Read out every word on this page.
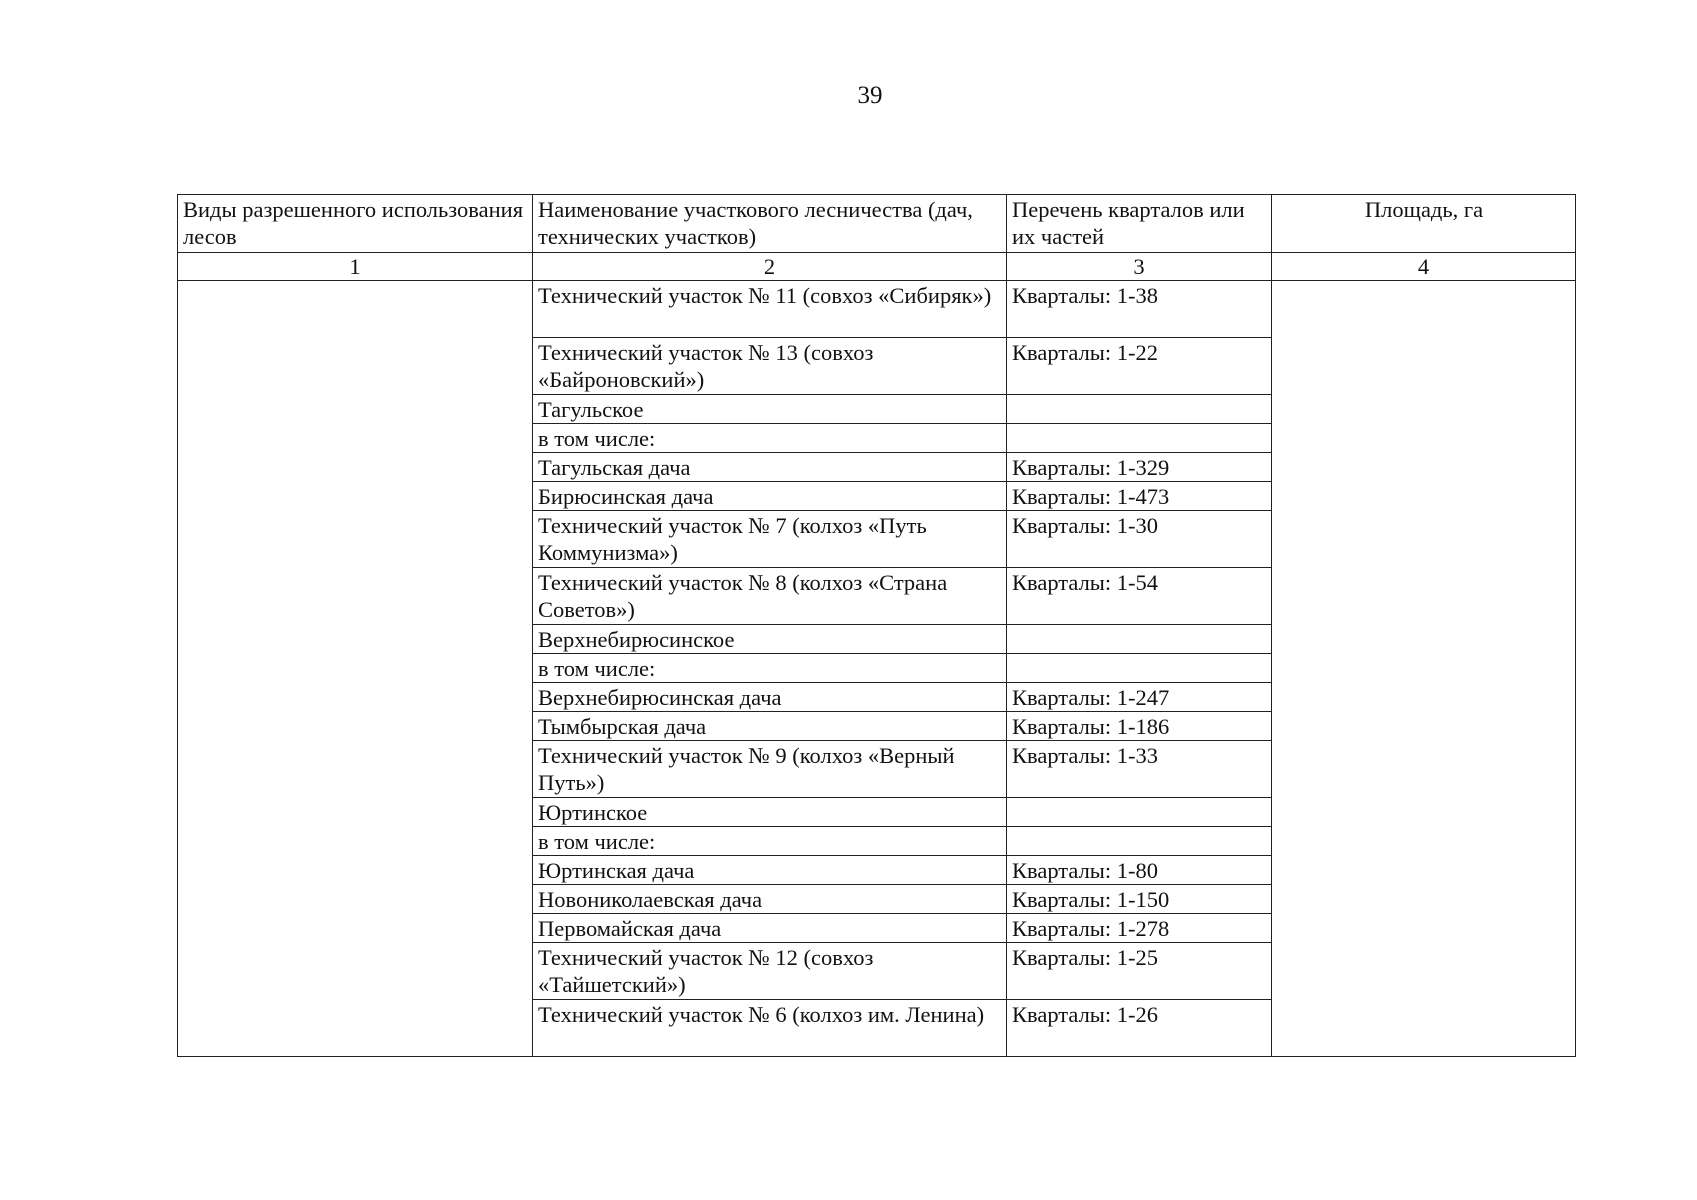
39
Виды разрешенного использования лесов	Наименование участкового лесничества (дач, технических участков)	Перечень кварталов или их частей	Площадь, га
1	2	3	4
	Технический участок № 11 (совхоз «Сибиряк»)	Кварталы: 1-38	
	Технический участок № 13 (совхоз «Байроновский»)	Кварталы: 1-22	
	Тагульское		
	в том числе:		
	Тагульская дача	Кварталы: 1-329	
	Бирюсинская дача	Кварталы: 1-473	
	Технический участок № 7 (колхоз «Путь Коммунизма»)	Кварталы: 1-30	
	Технический участок № 8 (колхоз «Страна Советов»)	Кварталы: 1-54	
	Верхнебирюсинское		
	в том числе:		
	Верхнебирюсинская дача	Кварталы: 1-247	
	Тымбырская дача	Кварталы: 1-186	
	Технический участок № 9 (колхоз «Верный Путь»)	Кварталы: 1-33	
	Юртинское		
	в том числе:		
	Юртинская дача	Кварталы: 1-80	
	Новониколаевская дача	Кварталы: 1-150	
	Первомайская дача	Кварталы: 1-278	
	Технический участок № 12 (совхоз «Тайшетский»)	Кварталы: 1-25	
	Технический участок № 6 (колхоз им. Ленина)	Кварталы: 1-26	
